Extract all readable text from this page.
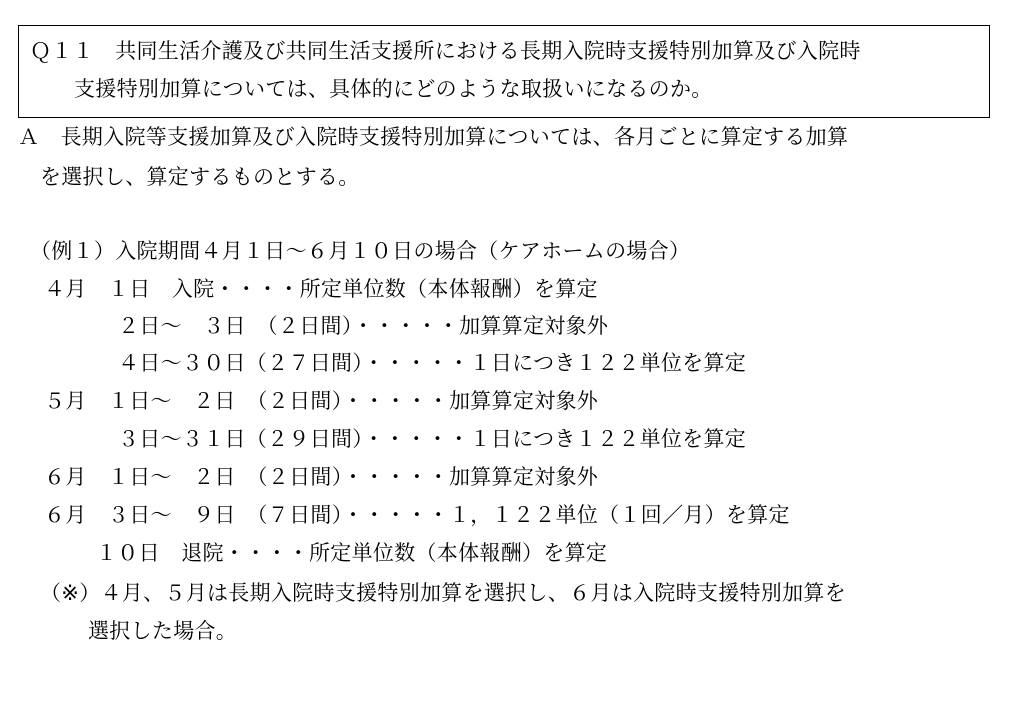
Ｑ１１　共同生活介護及び共同生活支援所における長期入院時支援特別加算及び入院時
支援特別加算については、具体的にどのような取扱いになるのか。
Ａ　長期入院等支援加算及び入院時支援特別加算については、各月ごとに算定する加算
を選択し、算定するものとする。
（例１）入院期間４月１日〜６月１０日の場合（ケアホームの場合）
４月　１日　入院・・・・所定単位数（本体報酬）を算定
２日〜　３日　（２日間）・・・・・加算算定対象外
４日〜３０日（２７日間）・・・・・１日につき１２２単位を算定
５月　１日〜　２日　（２日間）・・・・・加算算定対象外
３日〜３１日（２９日間）・・・・・１日につき１２２単位を算定
６月　１日〜　２日　（２日間）・・・・・加算算定対象外
６月　３日〜　９日　（７日間）・・・・・１，１２２単位（１回／月）を算定
１０日　退院・・・・所定単位数（本体報酬）を算定
（※）４月、５月は長期入院時支援特別加算を選択し、６月は入院時支援特別加算を
選択した場合。
